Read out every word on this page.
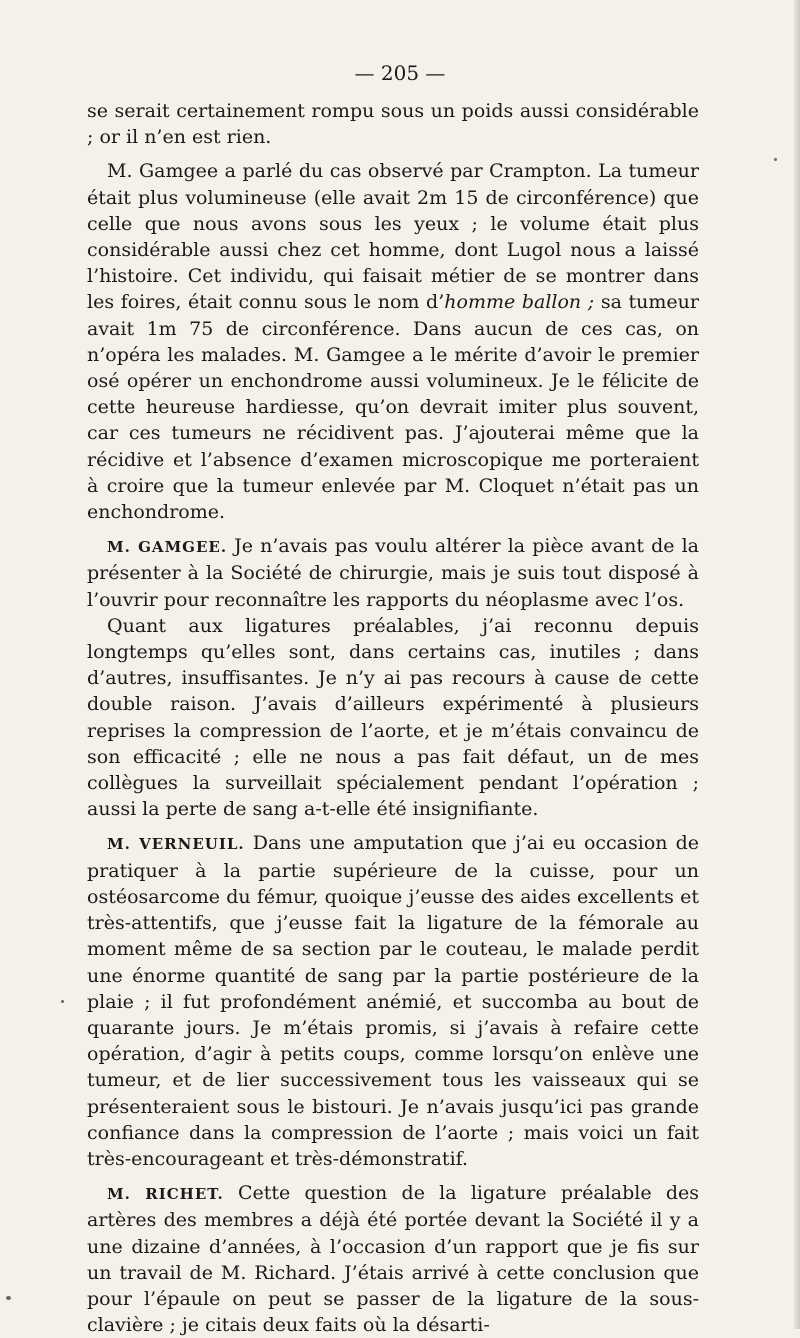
— 205 —

se serait certainement rompu sous un poids aussi considérable ; or il n’en est rien.

M. Gamgee a parlé du cas observé par Crampton. La tumeur était plus volumineuse (elle avait 2m 15 de circonférence) que celle que nous avons sous les yeux ; le volume était plus considérable aussi chez cet homme, dont Lugol nous a laissé l’histoire. Cet individu, qui faisait métier de se montrer dans les foires, était connu sous le nom d’homme ballon ; sa tumeur avait 1m 75 de circonférence. Dans aucun de ces cas, on n’opéra les malades. M. Gamgee a le mérite d’avoir le premier osé opérer un enchondrome aussi volumineux. Je le félicite de cette heureuse hardiesse, qu’on devrait imiter plus souvent, car ces tumeurs ne récidivent pas. J’ajouterai même que la récidive et l’absence d’examen microscopique me porteraient à croire que la tumeur enlevée par M. Cloquet n’était pas un enchondrome.

M. GAMGEE. Je n’avais pas voulu altérer la pièce avant de la présenter à la Société de chirurgie, mais je suis tout disposé à l’ouvrir pour reconnaître les rapports du néoplasme avec l’os.

Quant aux ligatures préalables, j’ai reconnu depuis longtemps qu’elles sont, dans certains cas, inutiles ; dans d’autres, insuffisantes. Je n’y ai pas recours à cause de cette double raison. J’avais d’ailleurs expérimenté à plusieurs reprises la compression de l’aorte, et je m’étais convaincu de son efficacité ; elle ne nous a pas fait défaut, un de mes collègues la surveillait spécialement pendant l’opération ; aussi la perte de sang a-t-elle été insignifiante.

M. VERNEUIL. Dans une amputation que j’ai eu occasion de pratiquer à la partie supérieure de la cuisse, pour un ostéosarcome du fémur, quoique j’eusse des aides excellents et très-attentifs, que j’eusse fait la ligature de la fémorale au moment même de sa section par le couteau, le malade perdit une énorme quantité de sang par la partie postérieure de la plaie ; il fut profondément anémié, et succomba au bout de quarante jours. Je m’étais promis, si j’avais à refaire cette opération, d’agir à petits coups, comme lorsqu’on enlève une tumeur, et de lier successivement tous les vaisseaux qui se présenteraient sous le bistouri. Je n’avais jusqu’ici pas grande confiance dans la compression de l’aorte ; mais voici un fait très-encourageant et très-démonstratif.

M. RICHET. Cette question de la ligature préalable des artères des membres a déjà été portée devant la Société il y a une dizaine d’années, à l’occasion d’un rapport que je fis sur un travail de M. Richard. J’étais arrivé à cette conclusion que pour l’épaule on peut se passer de la ligature de la sous-clavière ; je citais deux faits où la désarti-
